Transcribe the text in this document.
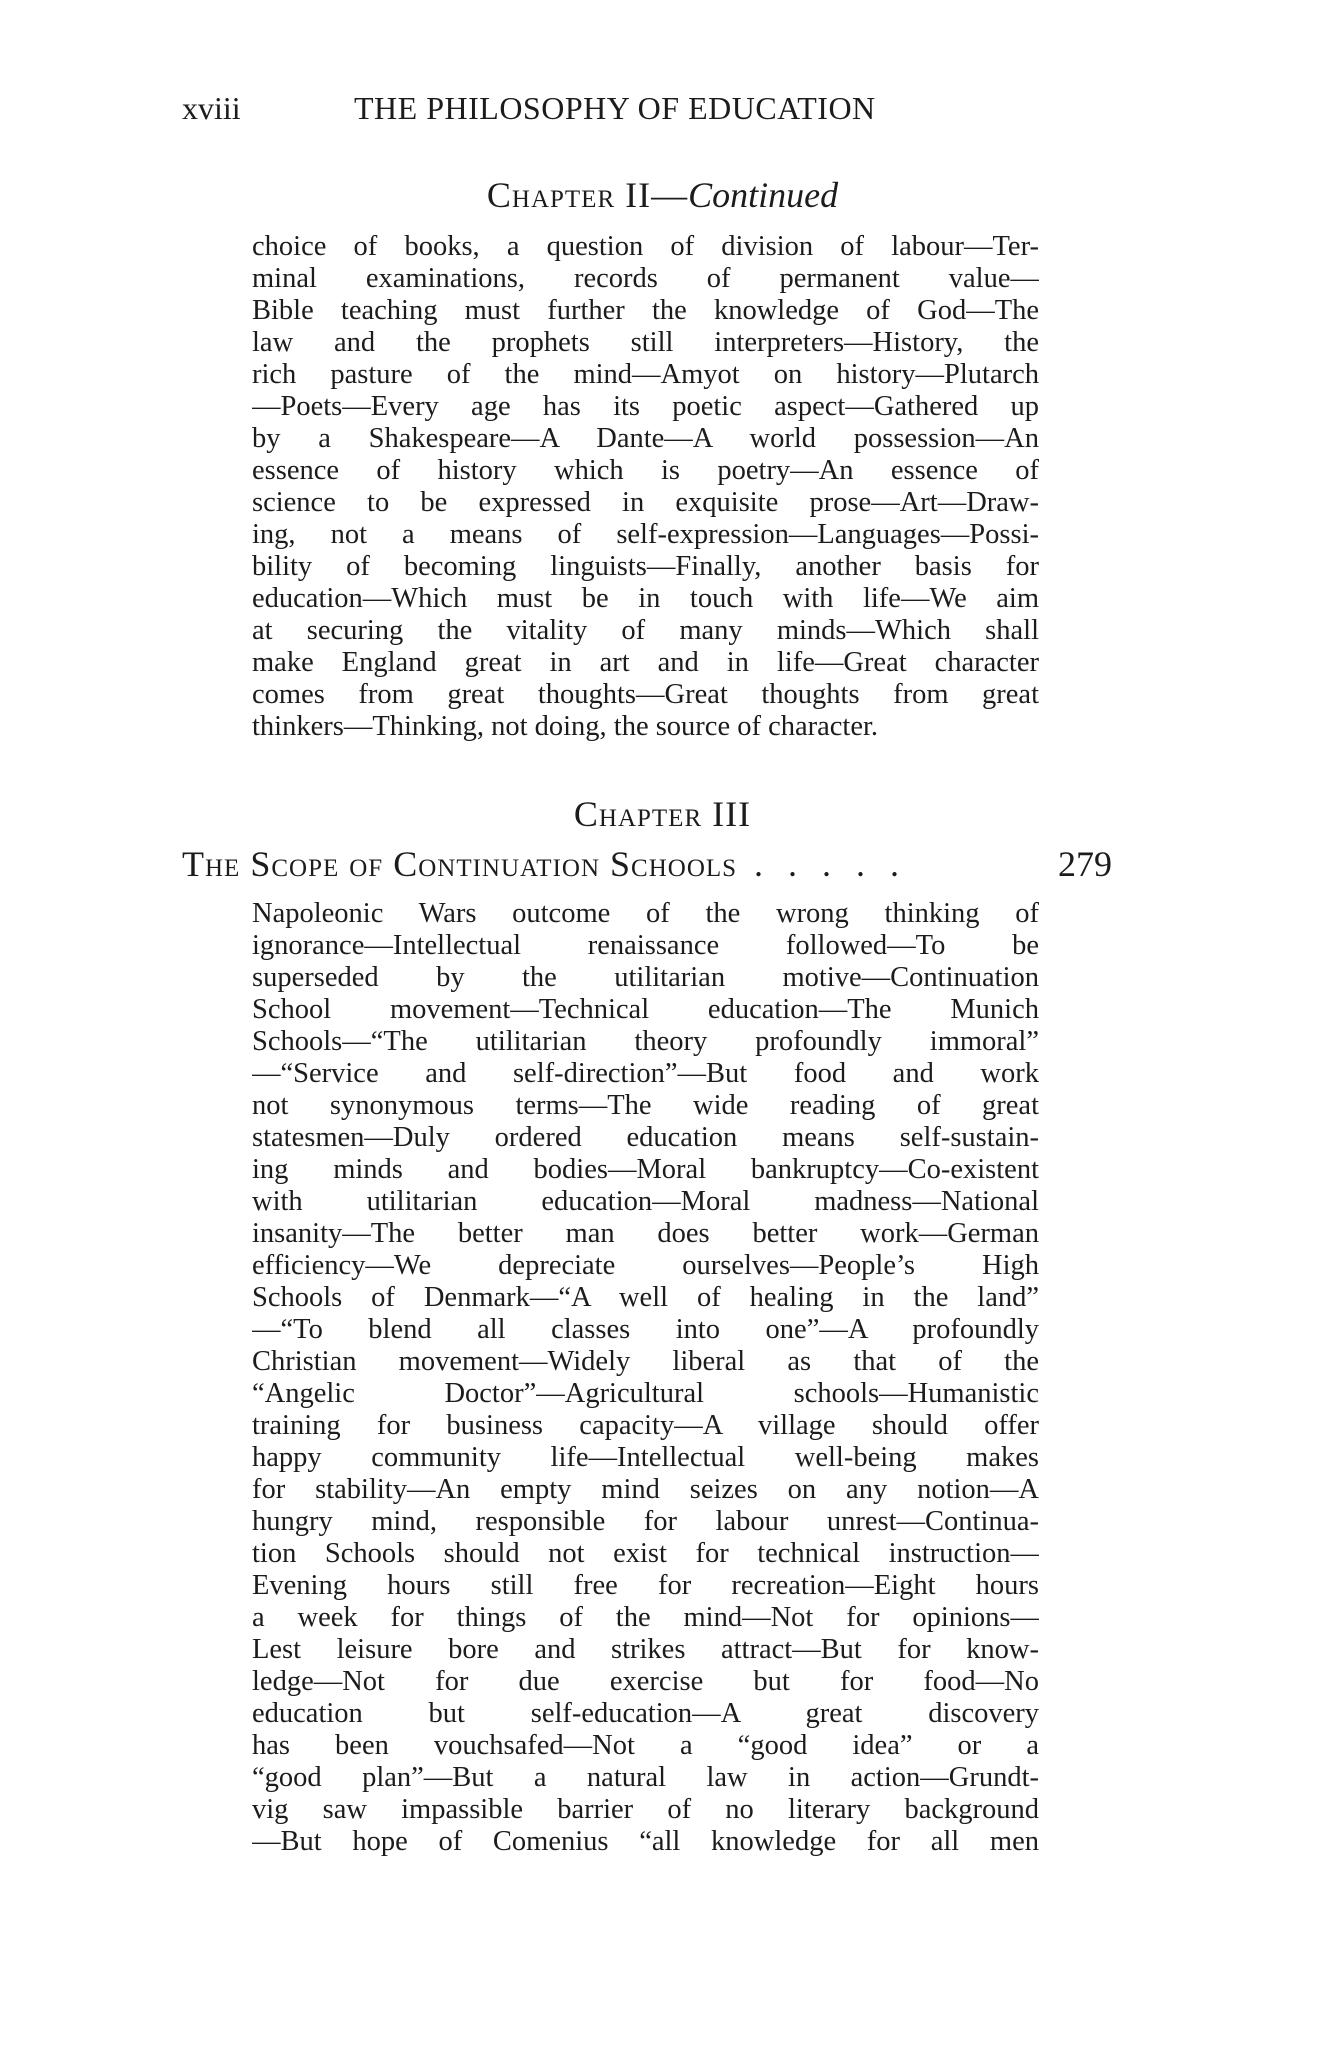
xviii	THE PHILOSOPHY OF EDUCATION
Chapter II—Continued
choice of books, a question of division of labour—Ter-
minal examinations, records of permanent value—
Bible teaching must further the knowledge of God—The
law and the prophets still interpreters—History, the
rich pasture of the mind—Amyot on history—Plutarch
—Poets—Every age has its poetic aspect—Gathered up
by a Shakespeare—A Dante—A world possession—An
essence of history which is poetry—An essence of
science to be expressed in exquisite prose—Art—Draw-
ing, not a means of self-expression—Languages—Possi-
bility of becoming linguists—Finally, another basis for
education—Which must be in touch with life—We aim
at securing the vitality of many minds—Which shall
make England great in art and in life—Great character
comes from great thoughts—Great thoughts from great
thinkers—Thinking, not doing, the source of character.
Chapter III
The Scope of Continuation Schools . . . . .	279
Napoleonic Wars outcome of the wrong thinking of
ignorance—Intellectual renaissance followed—To be
superseded by the utilitarian motive—Continuation
School movement—Technical education—The Munich
Schools—“The utilitarian theory profoundly immoral”
—“Service and self-direction”—But food and work
not synonymous terms—The wide reading of great
statesmen—Duly ordered education means self-sustain-
ing minds and bodies—Moral bankruptcy—Co-existent
with utilitarian education—Moral madness—National
insanity—The better man does better work—German
efficiency—We depreciate ourselves—People’s High
Schools of Denmark—“A well of healing in the land”
—“To blend all classes into one”—A profoundly
Christian movement—Widely liberal as that of the
“Angelic Doctor”—Agricultural schools—Humanistic
training for business capacity—A village should offer
happy community life—Intellectual well-being makes
for stability—An empty mind seizes on any notion—A
hungry mind, responsible for labour unrest—Continua-
tion Schools should not exist for technical instruction—
Evening hours still free for recreation—Eight hours
a week for things of the mind—Not for opinions—
Lest leisure bore and strikes attract—But for know-
ledge—Not for due exercise but for food—No
education but self-education—A great discovery
has been vouchsafed—Not a “good idea” or a
“good plan”—But a natural law in action—Grundt-
vig saw impassible barrier of no literary background
—But hope of Comenius “all knowledge for all men
